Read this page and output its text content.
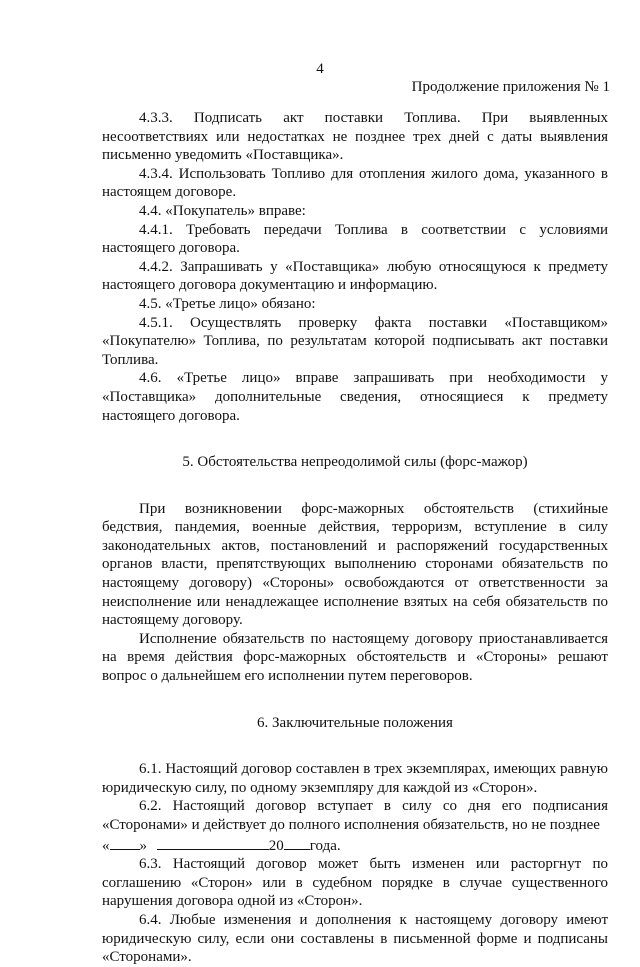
4
Продолжение приложения № 1

4.3.3. Подписать акт поставки Топлива. При выявленных несоответствиях или недостатках не позднее трех дней с даты выявления письменно уведомить «Поставщика».

4.3.4. Использовать Топливо для отопления жилого дома, указанного в настоящем договоре.

4.4. «Покупатель» вправе:

4.4.1. Требовать передачи Топлива в соответствии с условиями настоящего договора.

4.4.2. Запрашивать у «Поставщика» любую относящуюся к предмету настоящего договора документацию и информацию.

4.5. «Третье лицо» обязано:

4.5.1. Осуществлять проверку факта поставки «Поставщиком» «Покупателю» Топлива, по результатам которой подписывать акт поставки Топлива.

4.6. «Третье лицо» вправе запрашивать при необходимости у «Поставщика» дополнительные сведения, относящиеся к предмету настоящего договора.

5. Обстоятельства непреодолимой силы (форс-мажор)

При возникновении форс-мажорных обстоятельств (стихийные бедствия, пандемия, военные действия, терроризм, вступление в силу законодательных актов, постановлений и распоряжений государственных органов власти, препятствующих выполнению сторонами обязательств по настоящему договору) «Стороны» освобождаются от ответственности за неисполнение или ненадлежащее исполнение взятых на себя обязательств по настоящему договору.

Исполнение обязательств по настоящему договору приостанавливается на время действия форс-мажорных обстоятельств и «Стороны» решают вопрос о дальнейшем его исполнении путем переговоров.

6. Заключительные положения

6.1. Настоящий договор составлен в трех экземплярах, имеющих равную юридическую силу, по одному экземпляру для каждой из «Сторон».

6.2. Настоящий договор вступает в силу со дня его подписания «Сторонами» и действует до полного исполнения обязательств, но не позднее

« »	20 года.

6.3. Настоящий договор может быть изменен или расторгнут по соглашению «Сторон» или в судебном порядке в случае существенного нарушения договора одной из «Сторон».

6.4. Любые изменения и дополнения к настоящему договору имеют юридическую силу, если они составлены в письменной форме и подписаны «Сторонами».
